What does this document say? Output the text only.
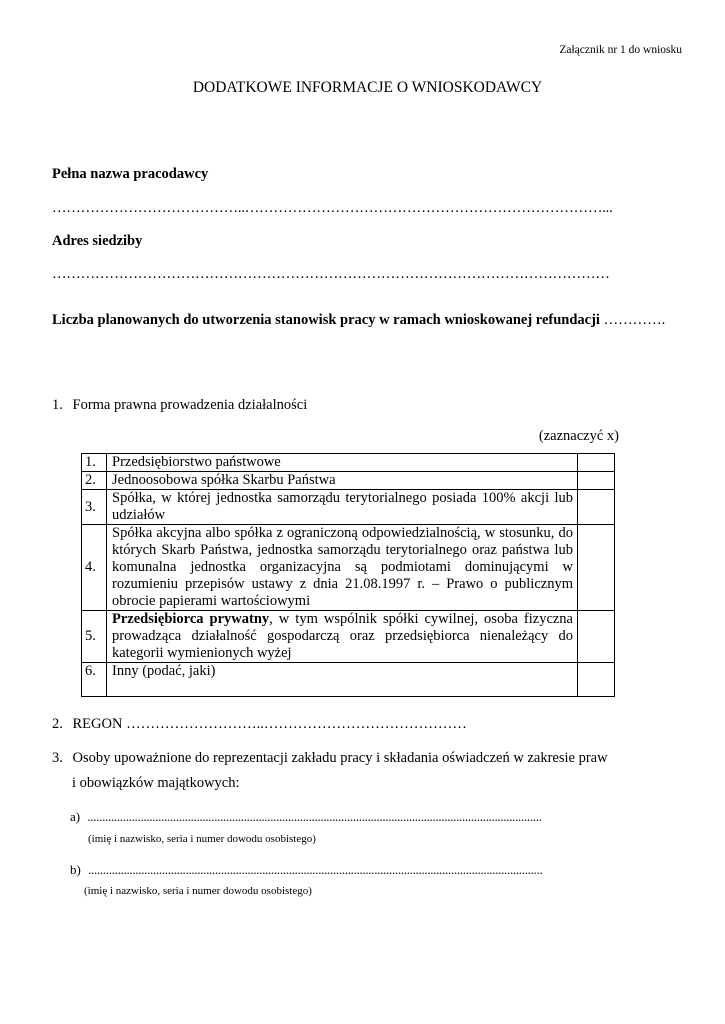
Załącznik nr 1 do wniosku
DODATKOWE INFORMACJE O WNIOSKODAWCY
Pełna nazwa pracodawcy
…………………………………..…………………………………………………………………...
Adres siedziby
………………………………………………………………………………………………………
Liczba planowanych do utworzenia stanowisk pracy w ramach wnioskowanej refundacji ………….
1. Forma prawna prowadzenia działalności
(zaznaczyć x)
1.	Przedsiębiorstwo państwowe	
2.	Jednoosobowa spółka Skarbu Państwa	
3.	Spółka, w której jednostka samorządu terytorialnego posiada 100% akcji lub udziałów	
4.	Spółka akcyjna albo spółka z ograniczoną odpowiedzialnością, w stosunku, do których Skarb Państwa, jednostka samorządu terytorialnego oraz państwa lub komunalna jednostka organizacyjna są podmiotami dominującymi w rozumieniu przepisów ustawy z dnia 21.08.1997 r. – Prawo o publicznym obrocie papierami wartościowymi	
5.	Przedsiębiorca prywatny, w tym wspólnik spółki cywilnej, osoba fizyczna prowadząca działalność gospodarczą oraz przedsiębiorca nienależący do kategorii wymienionych wyżej	
6.	Inny (podać, jaki)	
2. REGON ………………………..……………………………………
3. Osoby upoważnione do reprezentacji zakładu pracy i składania oświadczeń w zakresie praw
i obowiązków majątkowych:
a) ..........................................................................................................................................................
(imię i nazwisko, seria i numer dowodu osobistego)
b) ..........................................................................................................................................................
(imię i nazwisko, seria i numer dowodu osobistego)
